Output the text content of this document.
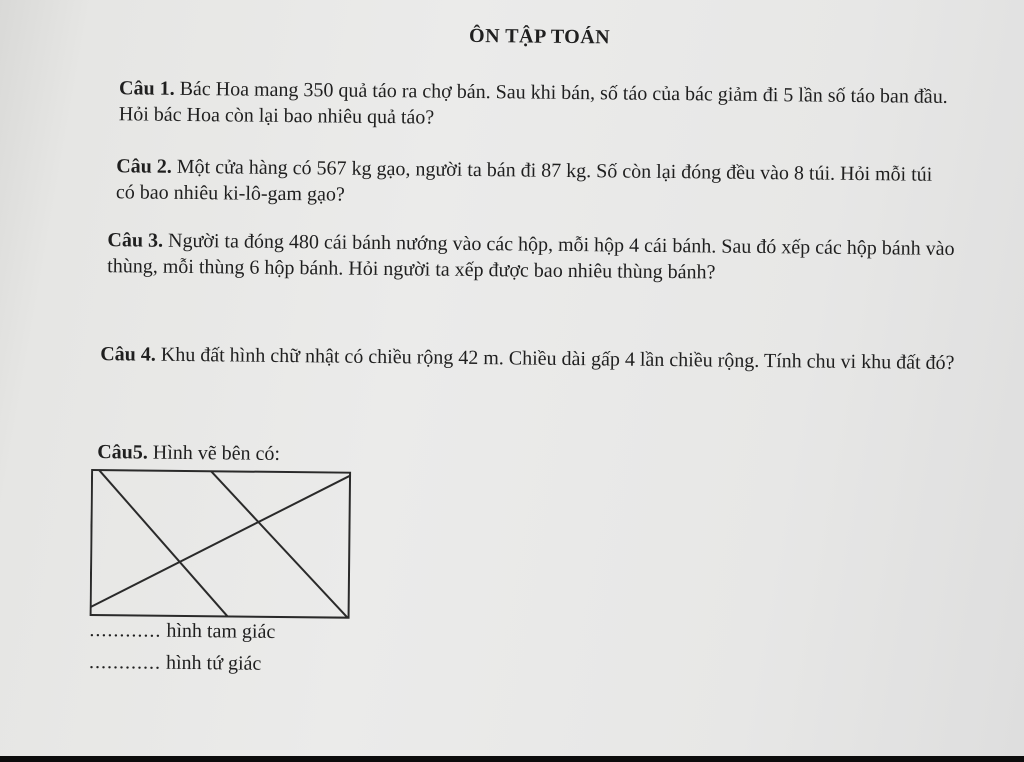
ÔN TẬP TOÁN
Câu 1. Bác Hoa mang 350 quả táo ra chợ bán. Sau khi bán, số táo của bác giảm đi 5 lần số táo ban đầu. Hỏi bác Hoa còn lại bao nhiêu quả táo?
Câu 2. Một cửa hàng có 567 kg gạo, người ta bán đi 87 kg. Số còn lại đóng đều vào 8 túi. Hỏi mỗi túi có bao nhiêu ki-lô-gam gạo?
Câu 3. Người ta đóng 480 cái bánh nướng vào các hộp, mỗi hộp 4 cái bánh. Sau đó xếp các hộp bánh vào thùng, mỗi thùng 6 hộp bánh. Hỏi người ta xếp được bao nhiêu thùng bánh?
Câu 4. Khu đất hình chữ nhật có chiều rộng 42 m. Chiều dài gấp 4 lần chiều rộng. Tính chu vi khu đất đó?
Câu5. Hình vẽ bên có:
............ hình tam giác
............ hình tứ giác
